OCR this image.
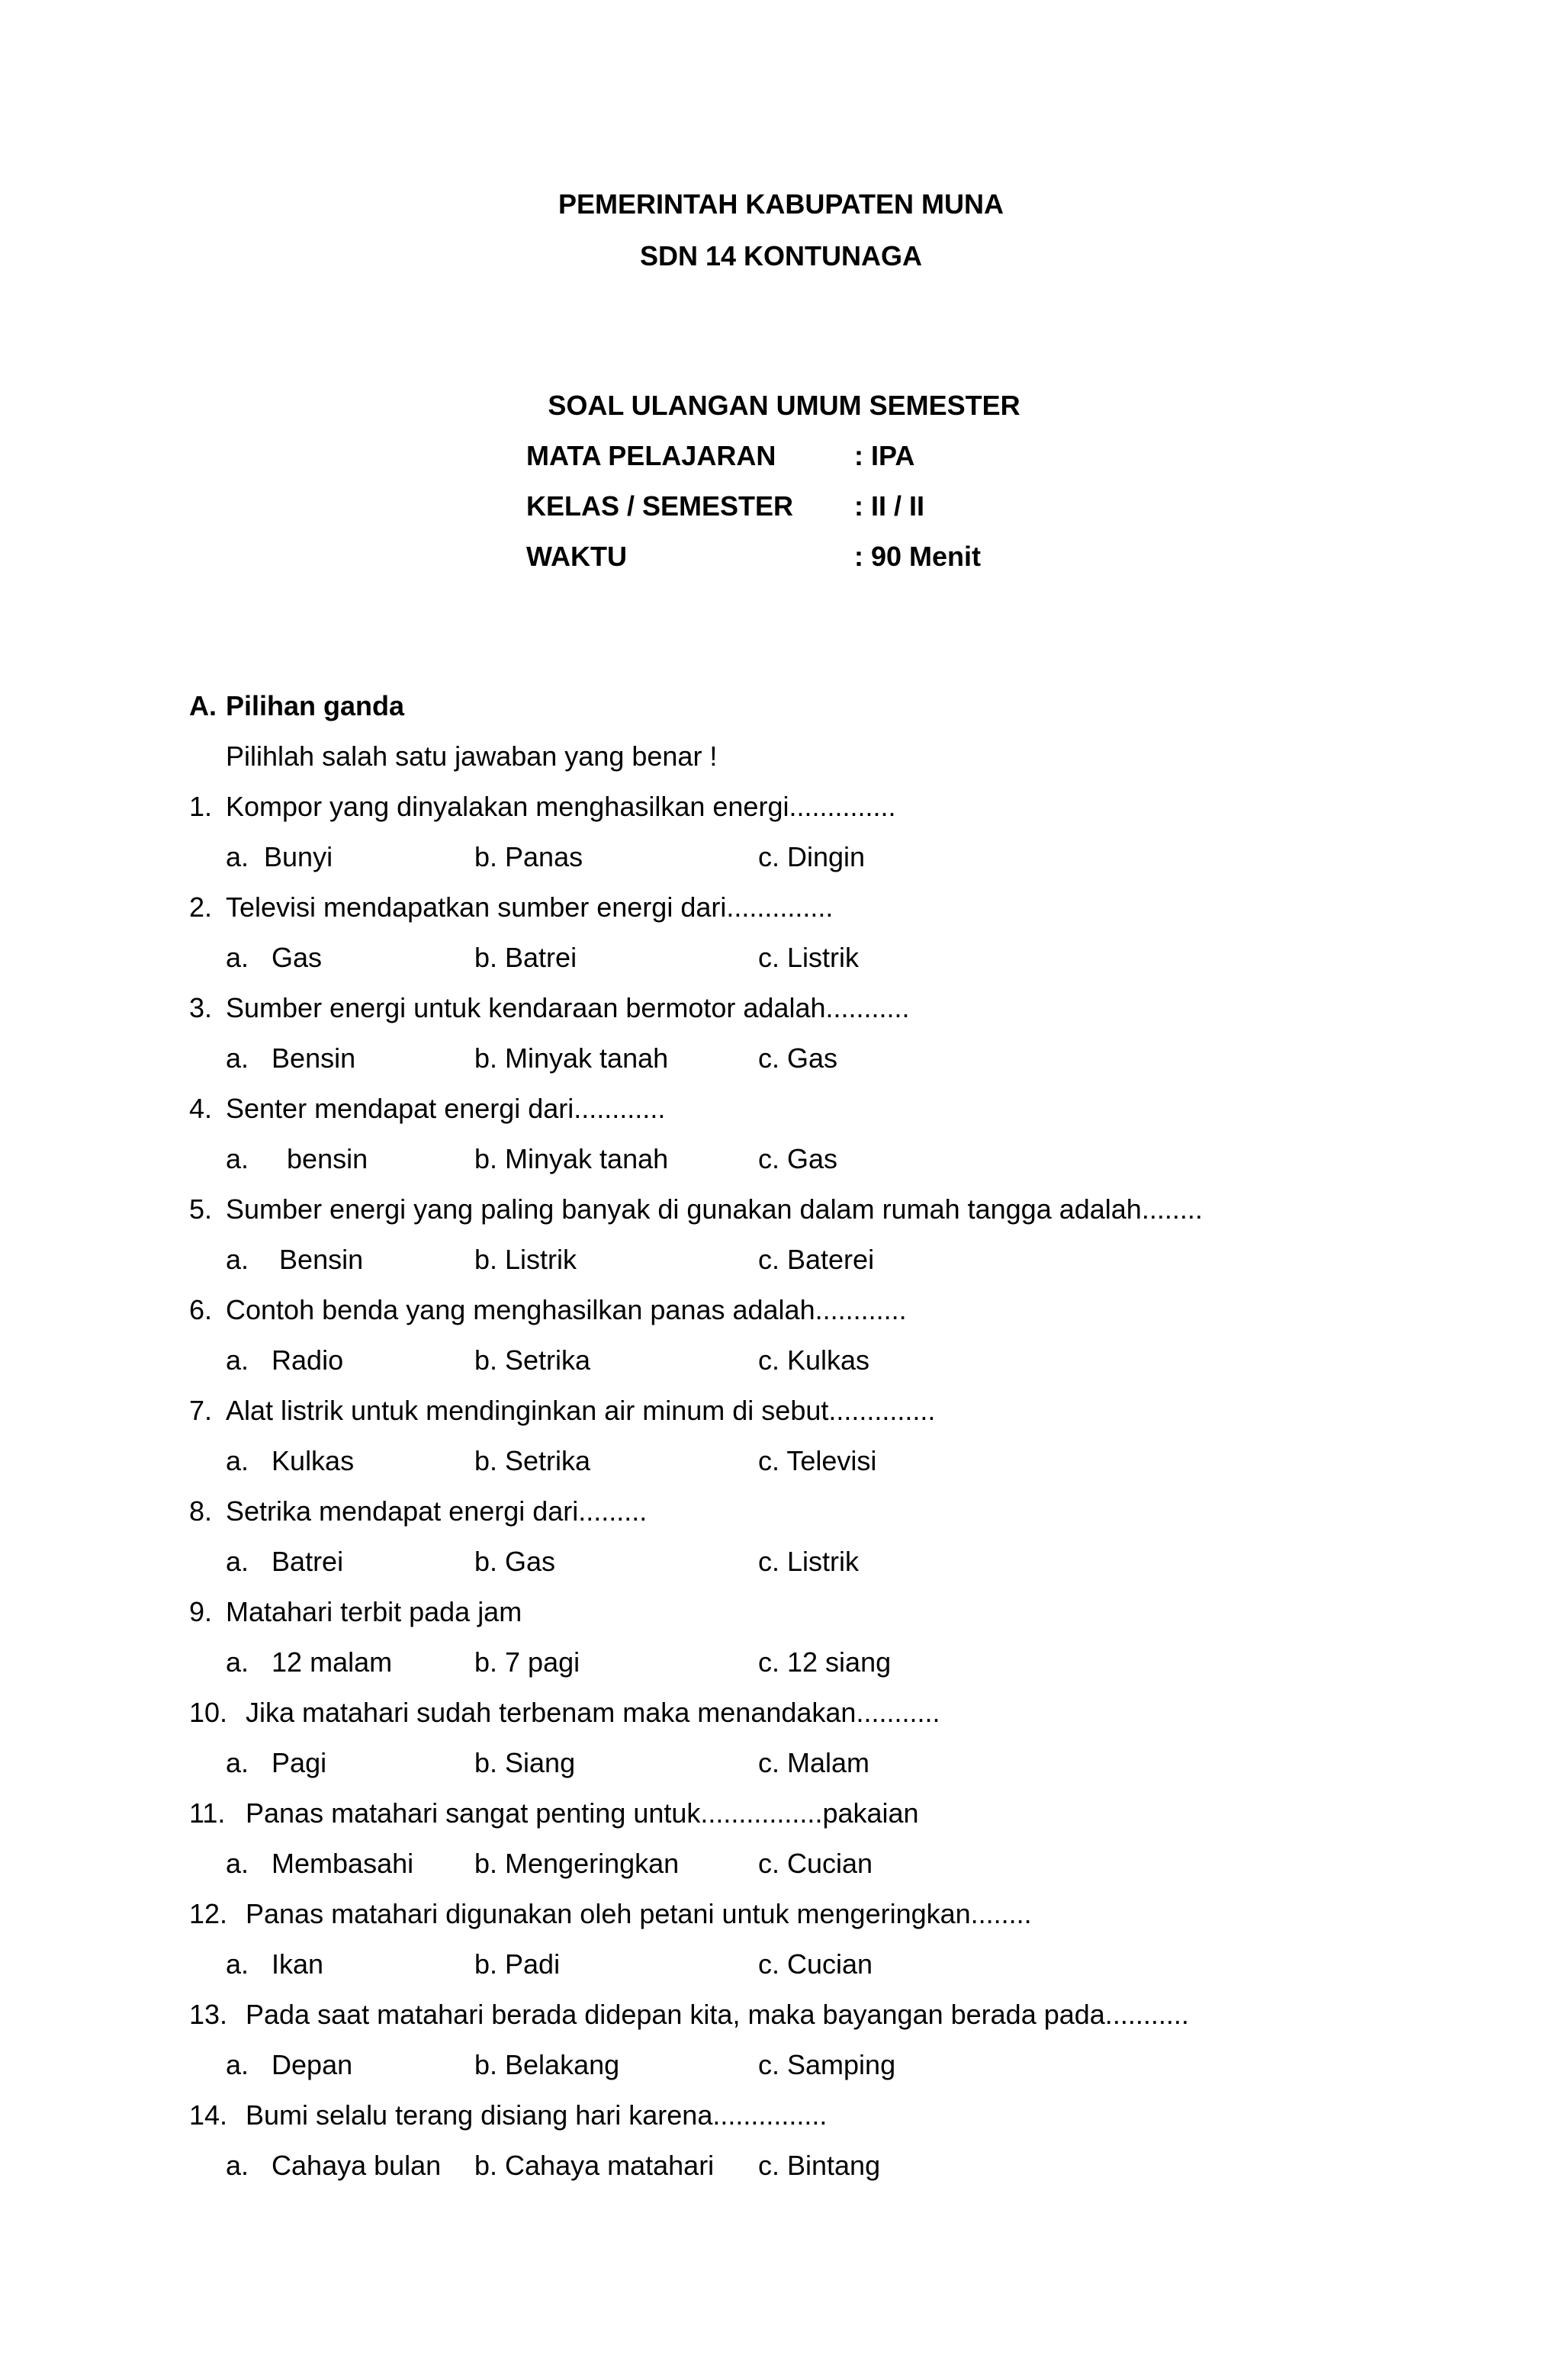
PEMERINTAH KABUPATEN MUNA
SDN 14 KONTUNAGA
SOAL ULANGAN UMUM SEMESTER
MATA PELAJARAN	: IPA
KELAS / SEMESTER : II / II
WAKTU	: 90 Menit
A. Pilihan ganda
Pilihlah salah satu jawaban yang benar !
1. Kompor yang dinyalakan menghasilkan energi..............
a.  Bunyi	b. Panas	c. Dingin
2. Televisi mendapatkan sumber energi dari..............
a.   Gas	b. Batrei	c. Listrik
3. Sumber energi untuk kendaraan bermotor adalah...........
a.   Bensin	b. Minyak tanah	c. Gas
4. Senter mendapat energi dari............
a.     bensin	b. Minyak tanah	c. Gas
5. Sumber energi yang paling banyak di gunakan dalam rumah tangga adalah........
a.    Bensin	b. Listrik	c. Baterei
6. Contoh benda yang menghasilkan panas adalah............
a.   Radio	b. Setrika	c. Kulkas
7. Alat listrik untuk mendinginkan air minum di sebut..............
a.   Kulkas	b. Setrika	c. Televisi
8. Setrika mendapat energi dari.........
a.   Batrei	b. Gas	c. Listrik
9. Matahari terbit pada jam
a.   12 malam	b. 7 pagi	c. 12 siang
10. Jika matahari sudah terbenam maka menandakan...........
a.   Pagi	b. Siang	c. Malam
11. Panas matahari sangat penting untuk................pakaian
a.   Membasahi b. Mengeringkan	c. Cucian
12. Panas matahari digunakan oleh petani untuk mengeringkan........
a.   Ikan	b. Padi	c. Cucian
13. Pada saat matahari berada didepan kita, maka bayangan berada pada...........
a.   Depan	b. Belakang	c. Samping
14. Bumi selalu terang disiang hari karena...............
a.   Cahaya bulan b. Cahaya matahari c. Bintang
